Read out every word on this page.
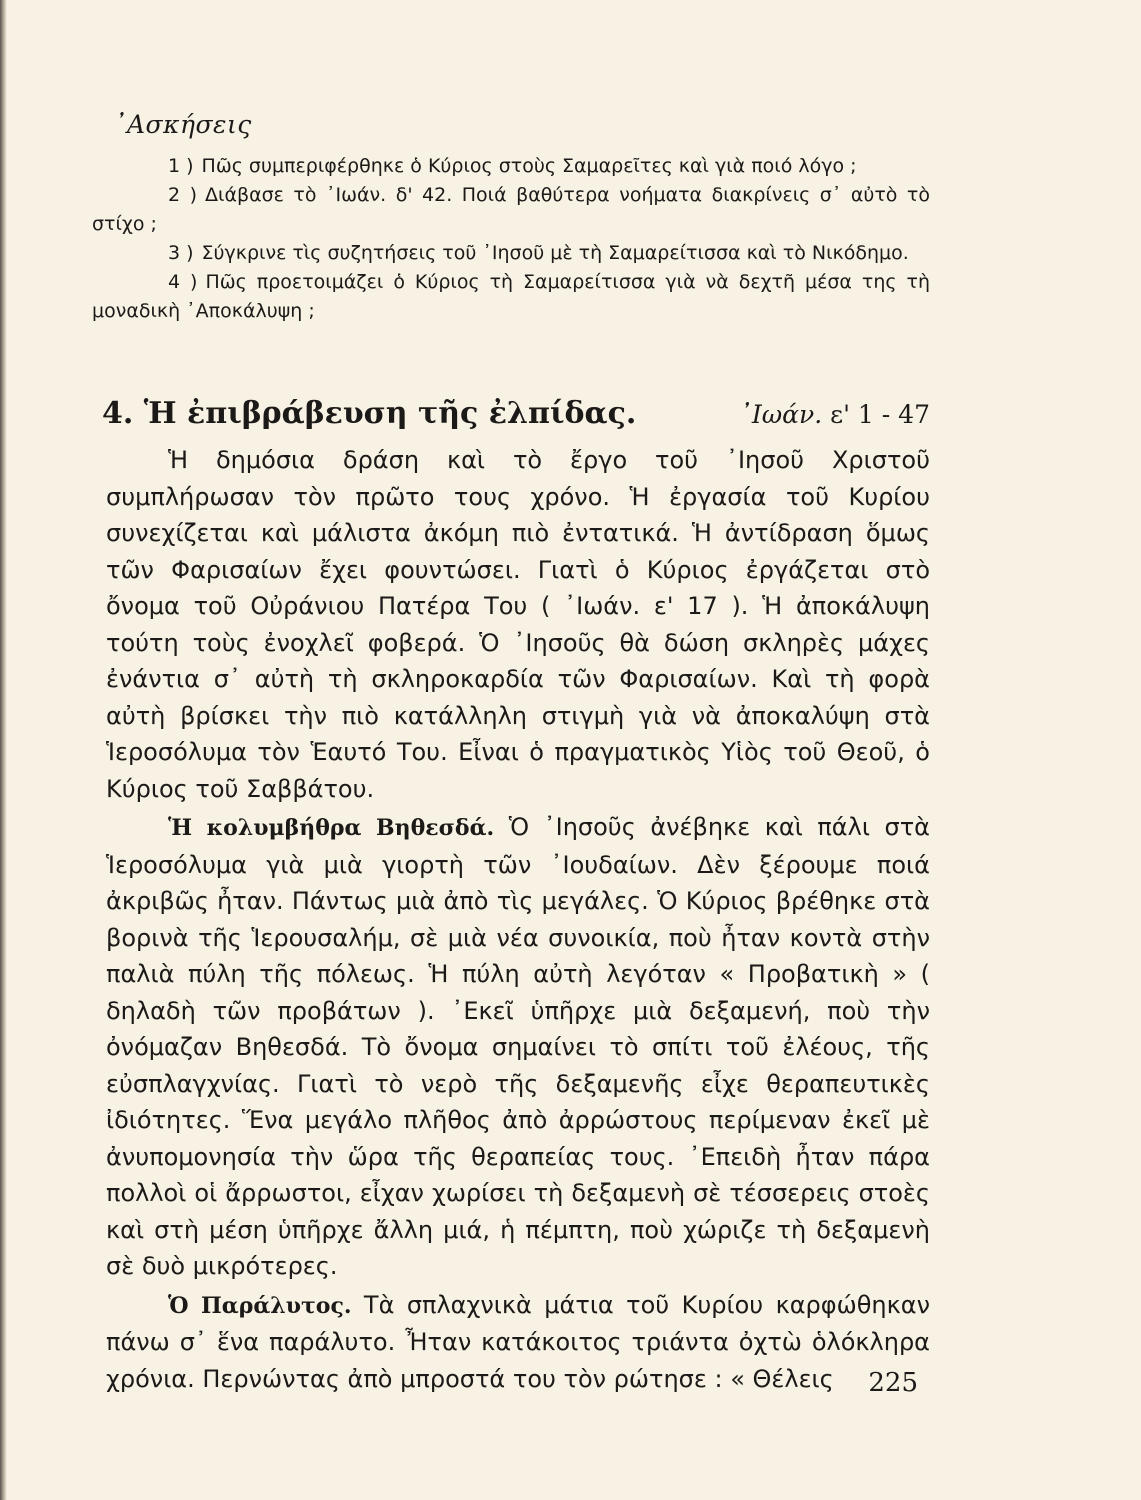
᾿Ασκήσεις
1 ) Πῶς συμπεριφέρθηκε ὁ Κύριος στοὺς Σαμαρεῖτες καὶ γιὰ ποιό λόγο ;
2 ) Διάβασε τὸ ᾽Ιωάν. δ' 42. Ποιά βαθύτερα νοήματα διακρίνεις σ᾽ αὐτὸ τὸ στίχο ;
3 ) Σύγκρινε τὶς συζητήσεις τοῦ ᾽Ιησοῦ μὲ τὴ Σαμαρείτισσα καὶ τὸ Νικόδημο.
4 ) Πῶς προετοιμάζει ὁ Κύριος τὴ Σαμαρείτισσα γιὰ νὰ δεχτῆ μέσα της τὴ μοναδικὴ ᾽Αποκάλυψη ;
4. Ἡ ἐπιβράβευση τῆς ἐλπίδας.	᾽Ιωάν. ε' 1 - 47

Ἡ δημόσια δράση καὶ τὸ ἔργο τοῦ ᾽Ιησοῦ Χριστοῦ συμπλήρωσαν τὸν πρῶτο τους χρόνο. Ἡ ἐργασία τοῦ Κυρίου συνεχίζεται καὶ μάλιστα ἀκόμη πιὸ ἐντατικά. Ἡ ἀντίδραση ὅμως τῶν Φαρισαίων ἔχει φουντώσει. Γιατὶ ὁ Κύριος ἐργάζεται στὸ ὄνομα τοῦ Οὐράνιου Πατέρα Του ( ᾽Ιωάν. ε' 17 ). Ἡ ἀποκάλυψη τούτη τοὺς ἐνοχλεῖ φοβερά. Ὁ ᾽Ιησοῦς θὰ δώση σκληρὲς μάχες ἐνάντια σ᾽ αὐτὴ τὴ σκληροκαρδία τῶν Φαρισαίων. Καὶ τὴ φορὰ αὐτὴ βρίσκει τὴν πιὸ κατάλληλη στιγμὴ γιὰ νὰ ἀποκαλύψη στὰ Ἱεροσόλυμα τὸν Ἑαυτό Του. Εἶναι ὁ πραγματικὸς Υἱὸς τοῦ Θεοῦ, ὁ Κύριος τοῦ Σαββάτου.

Ἡ κολυμβήθρα Βηθεσδά. Ὁ ᾽Ιησοῦς ἀνέβηκε καὶ πάλι στὰ Ἱεροσόλυμα γιὰ μιὰ γιορτὴ τῶν ᾽Ιουδαίων. Δὲν ξέρουμε ποιά ἀκριβῶς ἦταν. Πάντως μιὰ ἀπὸ τὶς μεγάλες. Ὁ Κύριος βρέθηκε στὰ βορινὰ τῆς Ἱερουσαλήμ, σὲ μιὰ νέα συνοικία, ποὺ ἦταν κοντὰ στὴν παλιὰ πύλη τῆς πόλεως. Ἡ πύλη αὐτὴ λεγόταν « Προβατικὴ » ( δηλαδὴ τῶν προβάτων ). ᾽Εκεῖ ὑπῆρχε μιὰ δεξαμενή, ποὺ τὴν ὀνόμαζαν Βηθεσδά. Τὸ ὄνομα σημαίνει τὸ σπίτι τοῦ ἐλέους, τῆς εὐσπλαγχνίας. Γιατὶ τὸ νερὸ τῆς δεξαμενῆς εἶχε θεραπευτικὲς ἰδιότητες. Ἕνα μεγάλο πλῆθος ἀπὸ ἀρρώστους περίμεναν ἐκεῖ μὲ ἀνυπομονησία τὴν ὥρα τῆς θεραπείας τους. ᾽Επειδὴ ἦταν πάρα πολλοὶ οἱ ἄρρωστοι, εἶχαν χωρίσει τὴ δεξαμενὴ σὲ τέσσερεις στοὲς καὶ στὴ μέση ὑπῆρχε ἄλλη μιά, ἡ πέμπτη, ποὺ χώριζε τὴ δεξαμενὴ σὲ δυὸ μικρότερες.

Ὁ Παράλυτος. Τὰ σπλαχνικὰ μάτια τοῦ Κυρίου καρφώθηκαν πάνω σ᾽ ἕνα παράλυτο. Ἦταν κατάκοιτος τριάντα ὀχτὼ ὁλόκληρα χρόνια. Περνώντας ἀπὸ μπροστά του τὸν ρώτησε : « Θέλεις	225
